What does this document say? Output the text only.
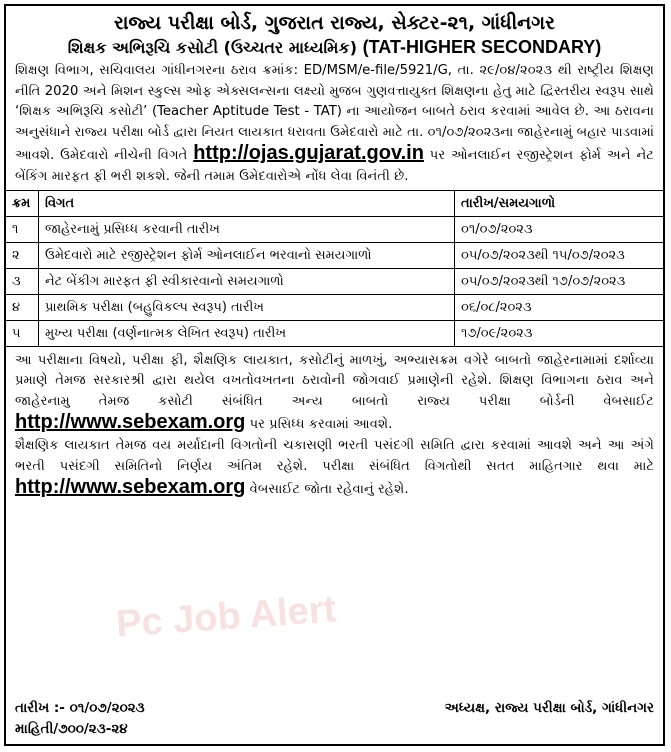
રાજ્ય પરીક્ષા બોર્ડ, ગુજરાત રાજ્ય, સેક્ટર-૨૧, ગાંધીનગર
શિક્ષક અભિરૂચિ કસોટી (ઉચ્ચતર માધ્યમિક) (TAT-HIGHER SECONDARY)
શિક્ષણ વિભાગ, સચિવાલય ગાંધીનગરના ઠરાવ ક્રમાંક: ED/MSM/e-file/5921/G, તા. ૨૯/૦૪/૨૦૨૩ થી રાષ્ટ્રીય શિક્ષણ નીતિ 2020 અને મિશન સ્કુલ્સ ઓફ એક્સલન્સના લક્ષ્યો મુજબ ગુણવત્તાયુક્ત શિક્ષણના હેતુ માટે દ્વિસ્તરીય સ્વરૂપ સાથે ‘શિક્ષક અભિરૂચિ કસોટી’ (Teacher Aptitude Test - TAT) ના આયોજન બાબતે ઠરાવ કરવામાં આવેલ છે. આ ઠરાવના અનુસંધાને રાજ્ય પરીક્ષા બોર્ડ દ્વારા નિયત લાયકાત ધરાવતા ઉમેદવારો માટે તા. ૦૧/૦૭/૨૦૨૩ના જાહેરનામું બહાર પાડવામાં આવશે. ઉમેદવારો નીચેની વિગતે http://ojas.gujarat.gov.in પર ઓનલાઈન રજીસ્ટ્રેશન ફોર્મ અને નેટ બેંકિંગ મારફત ફી ભરી શકશે. જેની તમામ ઉમેદવારોએ નોંધ લેવા વિનંતી છે.
ક્રમ	વિગત	તારીખ/સમયગાળો
૧	જાહેરનામું પ્રસિધ્ધ કરવાની તારીખ	૦૧/૦૭/૨૦૨૩
૨	ઉમેદવારો માટે રજીસ્ટ્રેશન ફોર્મ ઓનલાઈન ભરવાનો સમયગાળો	૦૫/૦૭/૨૦૨૩થી ૧૫/૦૭/૨૦૨૩
૩	નેટ બેંકીગ મારફત ફી સ્વીકારવાનો સમયગાળો	૦૫/૦૭/૨૦૨૩થી ૧૭/૦૭/૨૦૨૩
૪	પ્રાથમિક પરીક્ષા (બહુવિકલ્પ સ્વરૂપ) તારીખ	૦૬/૦૮/૨૦૨૩
૫	મુખ્ય પરીક્ષા (વર્ણનાત્મક લેખિત સ્વરૂપ) તારીખ	૧૭/૦૯/૨૦૨૩
આ પરીક્ષાના વિષયો, પરીક્ષા ફી, શૈક્ષણિક લાયકાત, કસોટીનું માળખું, અભ્યાસક્રમ વગેરે બાબતો જાહેરનામામાં દર્શાવ્યા પ્રમાણે તેમજ સરકારશ્રી દ્વારા થયેલ વખતોવખતના ઠરાવોની જોગવાઈ પ્રમાણેની રહેશે. શિક્ષણ વિભાગના ઠરાવ અને જાહેરનામુ તેમજ કસોટી સંબંધિત અન્ય બાબતો રાજ્ય પરીક્ષા બોર્ડની વેબસાઈટ http://www.sebexam.org પર પ્રસિધ્ધ કરવામાં આવશે.
શૈક્ષણિક લાયકાત તેમજ વય મર્યાદાની વિગતોની ચકાસણી ભરતી પસંદગી સમિતિ દ્વારા કરવામાં આવશે અને આ અંગે ભરતી પસંદગી સમિતિનો નિર્ણય અંતિમ રહેશે. પરીક્ષા સંબંધિત વિગતોથી સતત માહિતગાર થવા માટે http://www.sebexam.org વેબસાઈટ જોતા રહેવાનું રહેશે.
તારીખ :- ૦૧/૦૭/૨૦૨૩	અધ્યક્ષ, રાજ્ય પરીક્ષા બોર્ડ, ગાંધીનગર
માહિતી/૭૦૦/૨૩-૨૪
Pc Job Alert
